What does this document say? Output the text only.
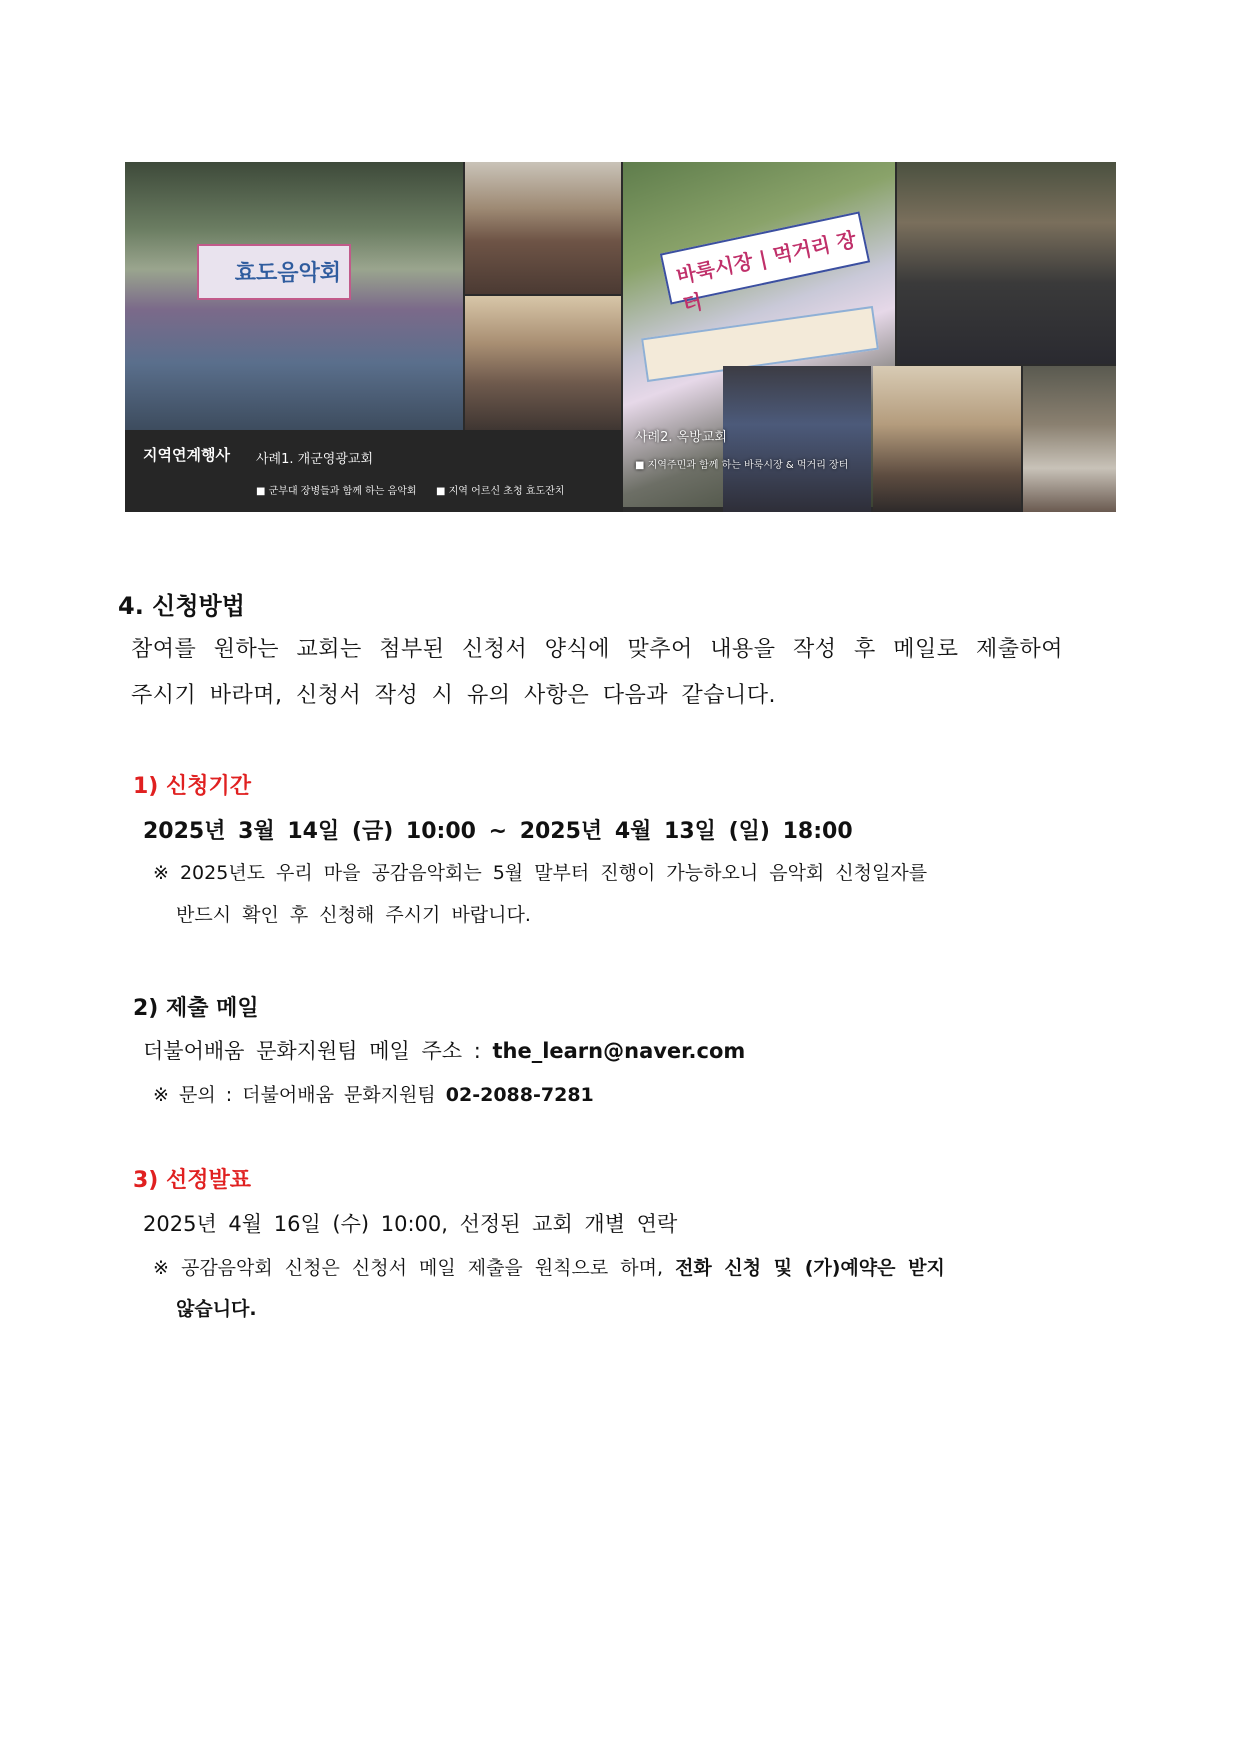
효도음악회	바룩시장 | 먹거리 장터
지역연계행사 사례1. 개군영광교회
■ 군부대 장병들과 함께 하는 음악회 ■ 지역 어르신 초청 효도잔치
사례2. 옥방교회
■ 지역주민과 함께 하는 바룩시장 & 먹거리 장터
4. 신청방법
참여를 원하는 교회는 첨부된 신청서 양식에 맞추어 내용을 작성 후 메일로 제출하여
주시기 바라며, 신청서 작성 시 유의 사항은 다음과 같습니다.
1) 신청기간
2025년 3월 14일 (금) 10:00 ~ 2025년 4월 13일 (일) 18:00
※ 2025년도 우리 마을 공감음악회는 5월 말부터 진행이 가능하오니 음악회 신청일자를
반드시 확인 후 신청해 주시기 바랍니다.
2) 제출 메일
더불어배움 문화지원팀 메일 주소 : the_learn@naver.com
※ 문의 : 더불어배움 문화지원팀 02-2088-7281
3) 선정발표
2025년 4월 16일 (수) 10:00, 선정된 교회 개별 연락
※ 공감음악회 신청은 신청서 메일 제출을 원칙으로 하며, 전화 신청 및 (가)예약은 받지
않습니다.
